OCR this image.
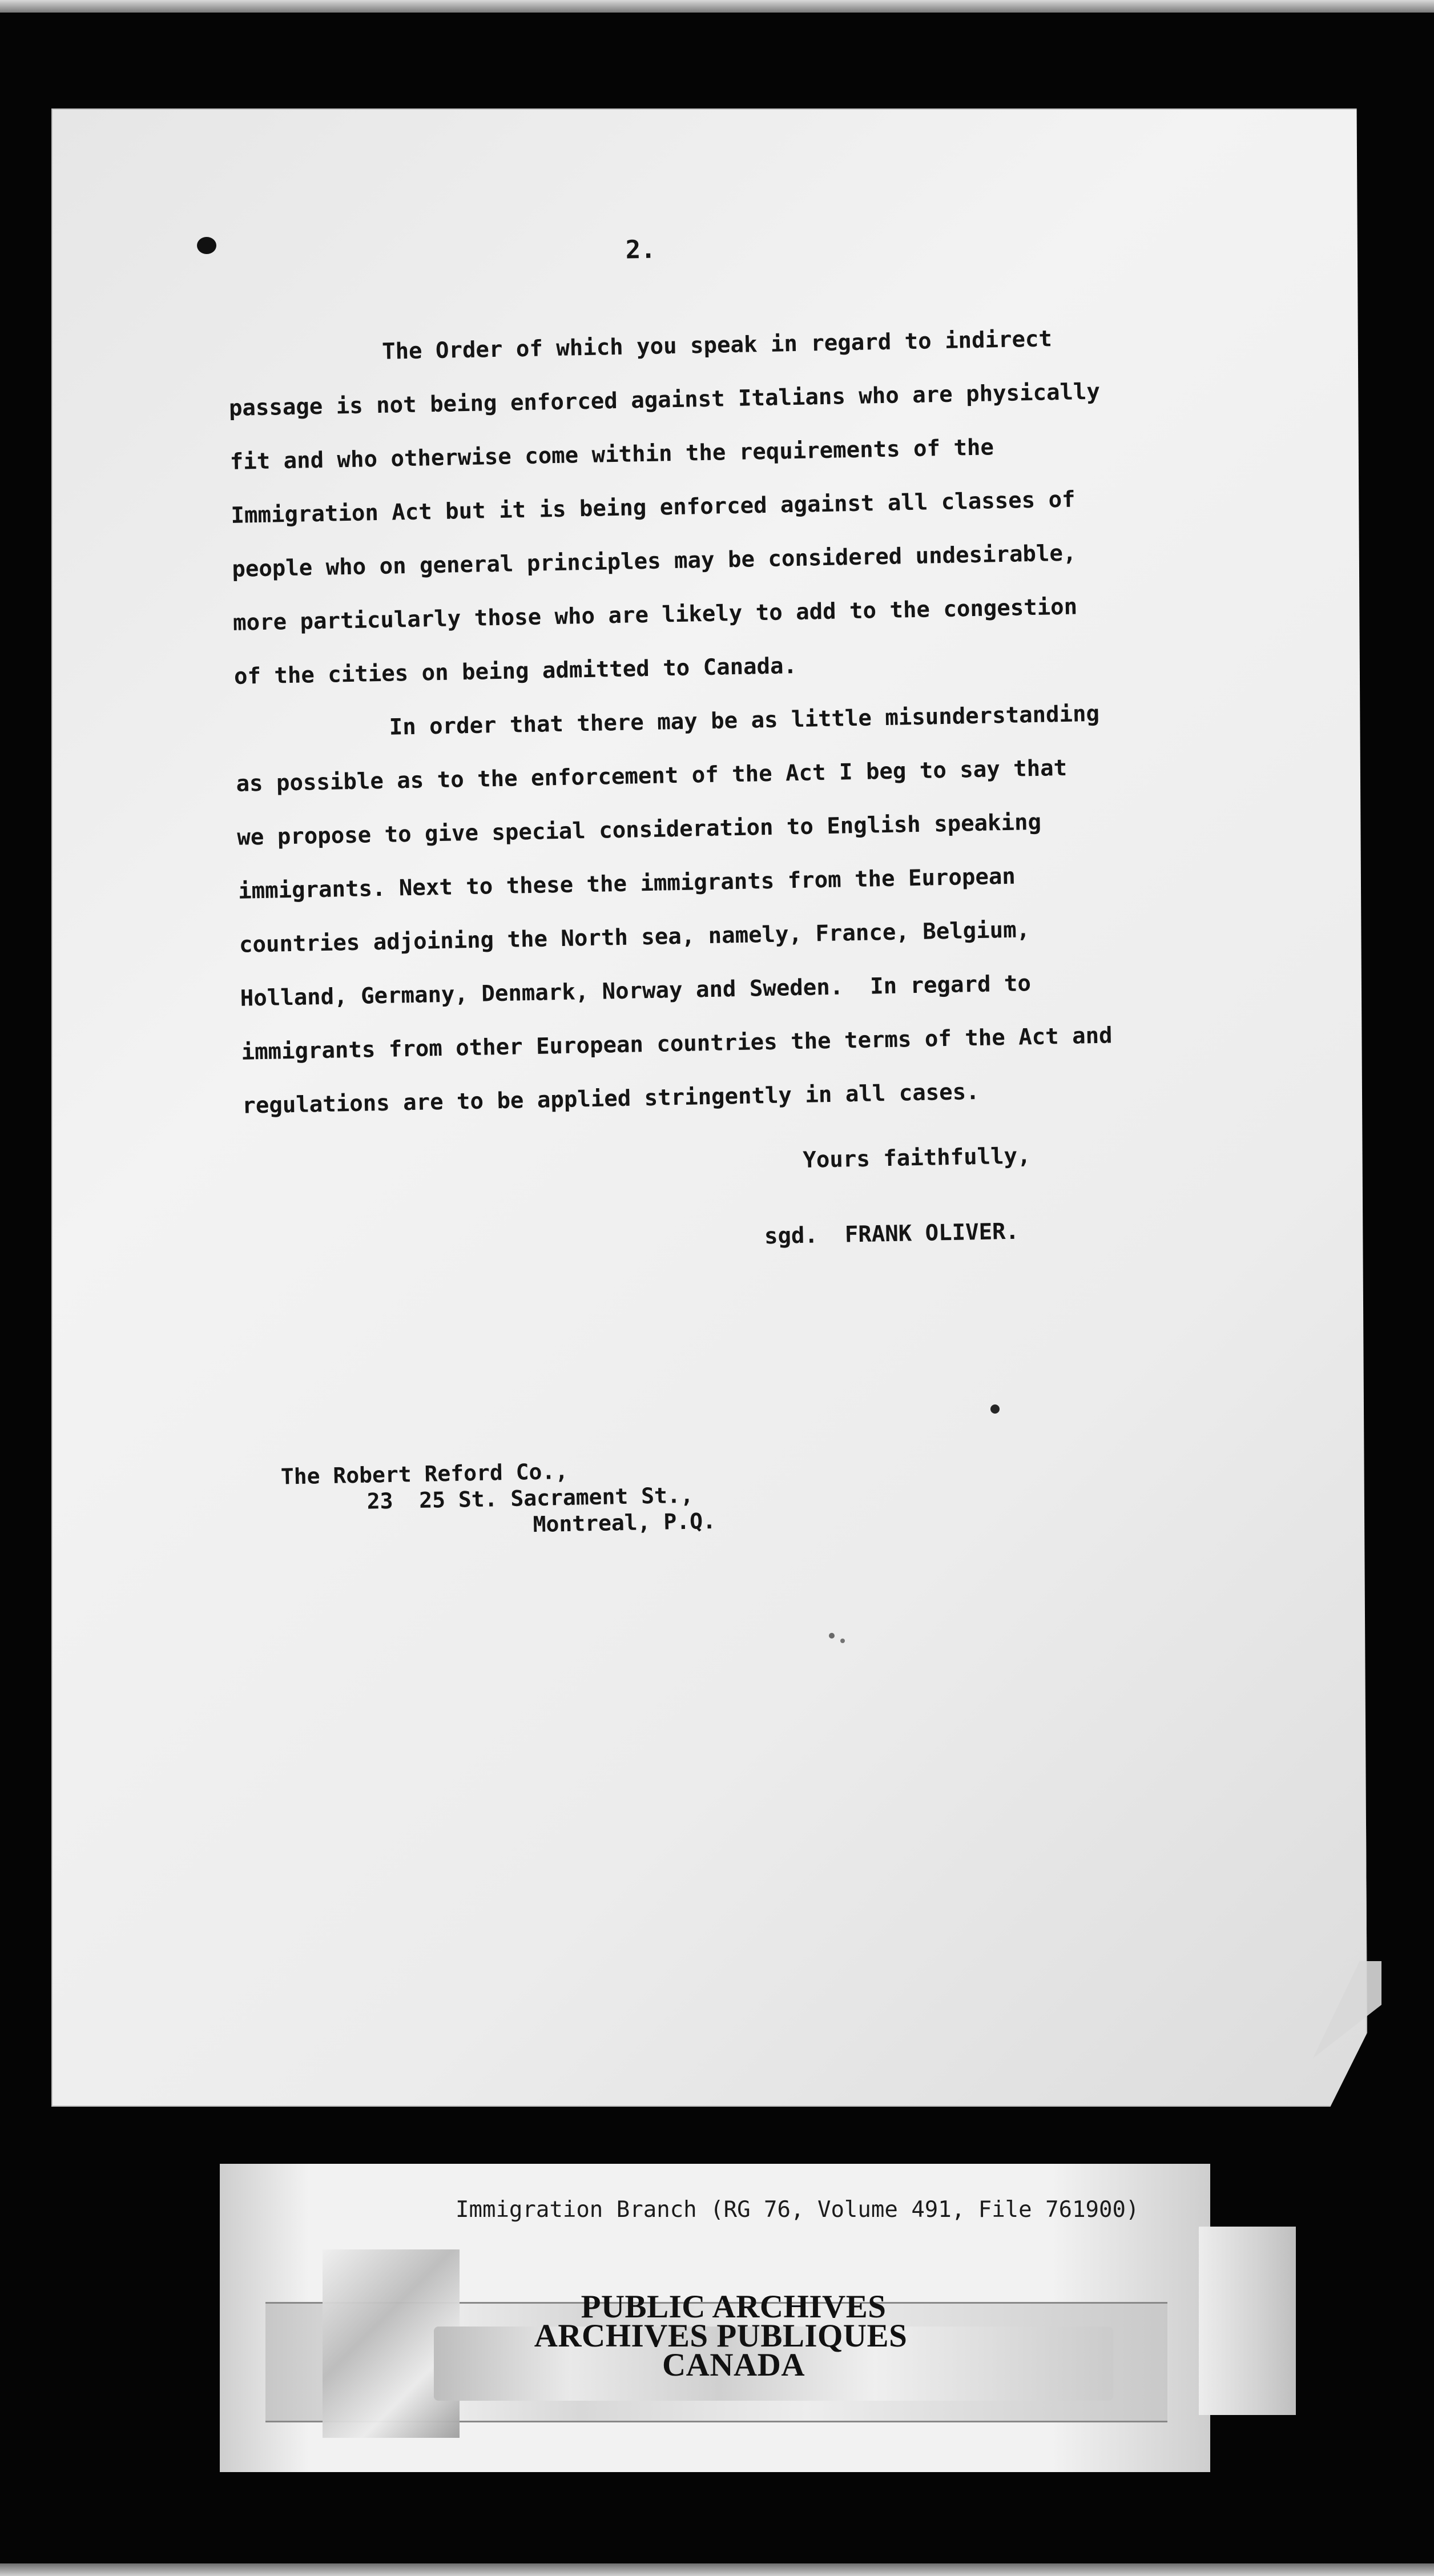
2.
The Order of which you speak in regard to indirect
passage is not being enforced against Italians who are physically
fit and who otherwise come within the requirements of the
Immigration Act but it is being enforced against all classes of
people who on general principles may be considered undesirable,
more particularly those who are likely to add to the congestion
of the cities on being admitted to Canada.
In order that there may be as little misunderstanding
as possible as to the enforcement of the Act I beg to say that
we propose to give special consideration to English speaking
immigrants. Next to these the immigrants from the European
countries adjoining the North sea, namely, France, Belgium,
Holland, Germany, Denmark, Norway and Sweden.  In regard to
immigrants from other European countries the terms of the Act and
regulations are to be applied stringently in all cases.
Yours faithfully,
sgd.  FRANK OLIVER.
The Robert Reford Co.,
23  25 St. Sacrament St.,
Montreal, P.Q.
Immigration Branch (RG 76, Volume 491, File 761900)
PUBLIC ARCHIVES
ARCHIVES PUBLIQUES
CANADA
